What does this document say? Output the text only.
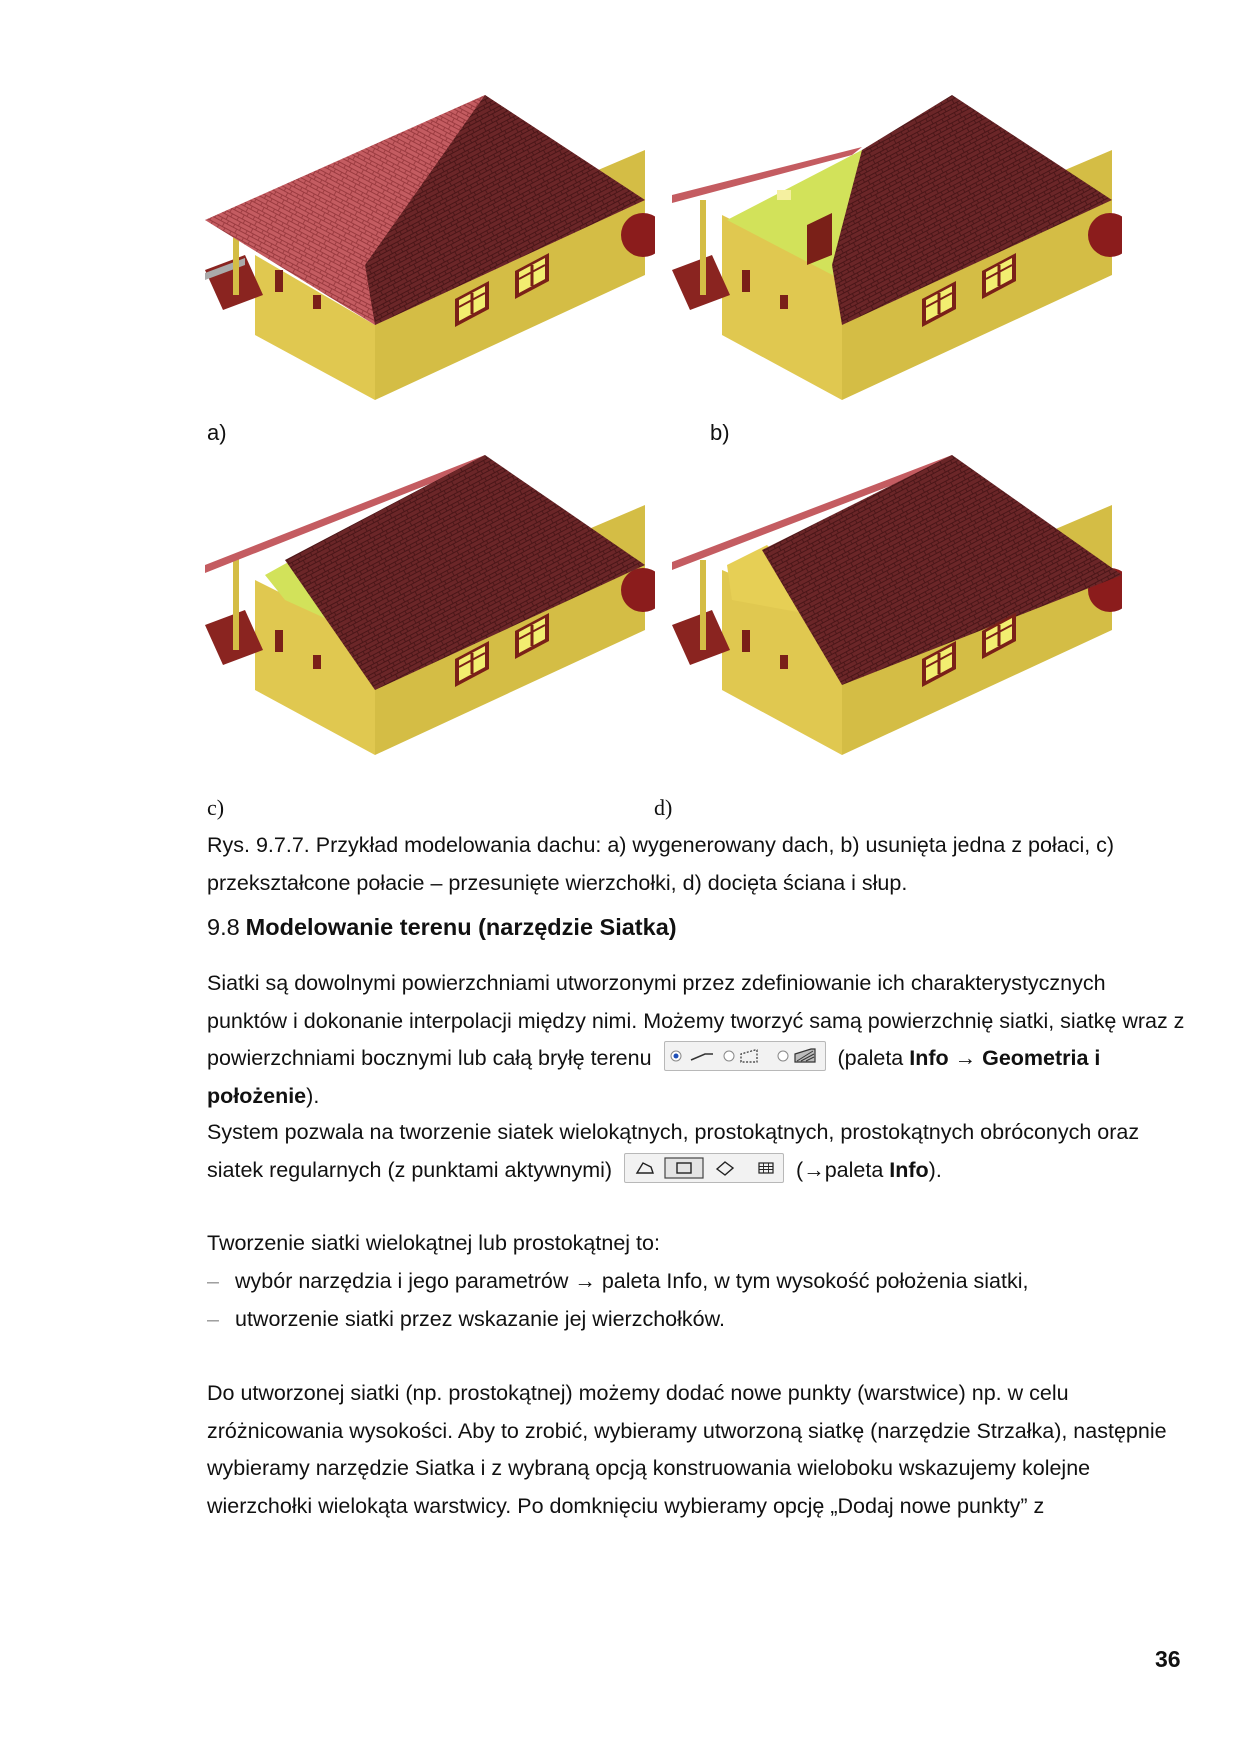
a)	b)
c)	d)
Rys. 9.7.7. Przykład modelowania dachu: a) wygenerowany dach, b) usunięta jedna z połaci, c) przekształcone połacie – przesunięte wierzchołki, d) docięta ściana i słup.
9.8 Modelowanie terenu (narzędzie Siatka)
Siatki są dowolnymi powierzchniami utworzonymi przez zdefiniowanie ich charakterystycznych punktów i dokonanie interpolacji między nimi. Możemy tworzyć samą powierzchnię siatki, siatkę wraz z powierzchniami bocznymi lub całą bryłę terenu	(paleta Info → Geometria i położenie).
System pozwala na tworzenie siatek wielokątnych, prostokątnych, prostokątnych obróconych oraz siatek regularnych (z punktami aktywnymi)	(→paleta Info).
Tworzenie siatki wielokątnej lub prostokątnej to:
– wybór narzędzia i jego parametrów → paleta Info, w tym wysokość położenia siatki,
– utworzenie siatki przez wskazanie jej wierzchołków.
Do utworzonej siatki (np. prostokątnej) możemy dodać nowe punkty (warstwice) np. w celu zróżnicowania wysokości. Aby to zrobić, wybieramy utworzoną siatkę (narzędzie Strzałka), następnie wybieramy narzędzie Siatka i z wybraną opcją konstruowania wieloboku wskazujemy kolejne wierzchołki wielokąta warstwicy. Po domknięciu wybieramy opcję „Dodaj nowe punkty” z
36
